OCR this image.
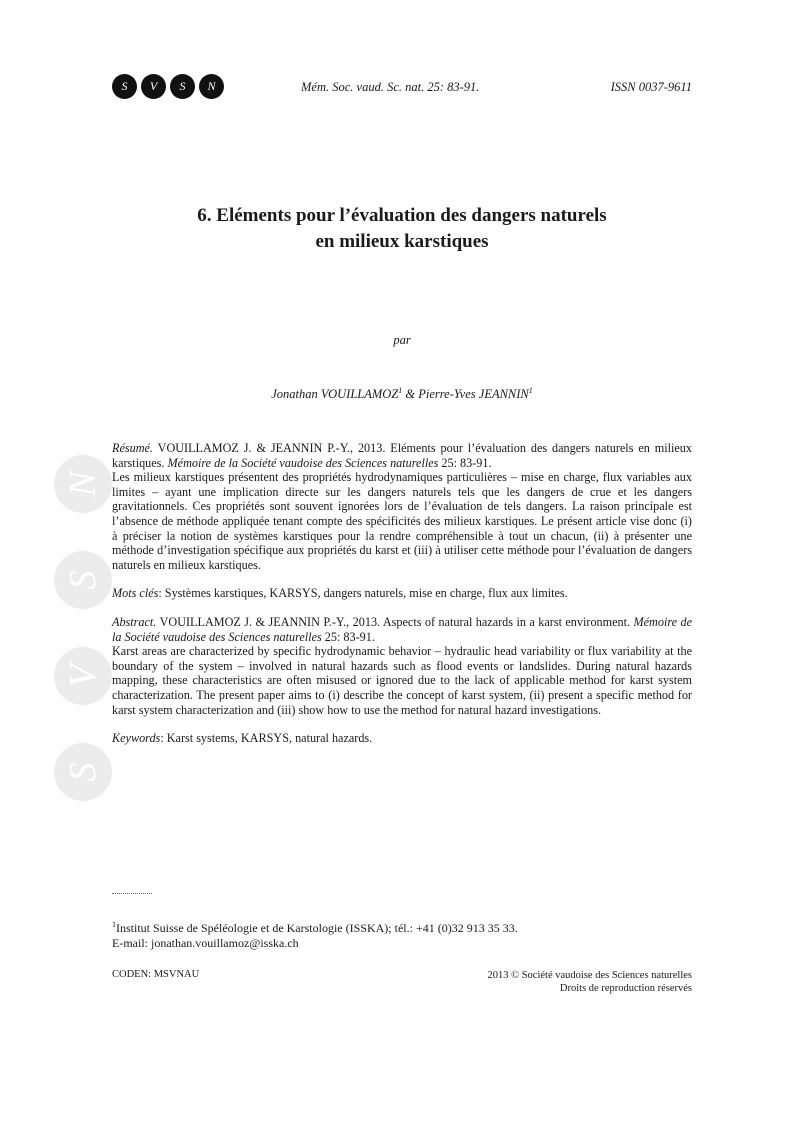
S	V	S	N	Mém. Soc. vaud. Sc. nat. 25: 83-91.	ISSN 0037-9611
6. Eléments pour l’évaluation des dangers naturels
en milieux karstiques
par
Jonathan VOUILLAMOZ$^1$ & Pierre-Yves JEANNIN$^1$
N
S
V
S

Résumé. VOUILLAMOZ J. & JEANNIN P.-Y., 2013. Eléments pour l’évaluation des dangers naturels en milieux karstiques. Mémoire de la Société vaudoise des Sciences naturelles 25: 83-91.

Les milieux karstiques présentent des propriétés hydrodynamiques particulières – mise en charge, flux variables aux limites – ayant une implication directe sur les dangers naturels tels que les dangers de crue et les dangers gravitationnels. Ces propriétés sont souvent ignorées lors de l’évaluation de tels dangers. La raison principale est l’absence de méthode appliquée tenant compte des spécificités des milieux karstiques. Le présent article vise donc (i) à préciser la notion de systèmes karstiques pour la rendre compréhensible à tout un chacun, (ii) à présenter une méthode d’investigation spécifique aux propriétés du karst et (iii) à utiliser cette méthode pour l’évaluation de dangers naturels en milieux karstiques.

Mots clés: Systèmes karstiques, KARSYS, dangers naturels, mise en charge, flux aux limites.

Abstract. VOUILLAMOZ J. & JEANNIN P.-Y., 2013. Aspects of natural hazards in a karst environment. Mémoire de la Société vaudoise des Sciences naturelles 25: 83-91.

Karst areas are characterized by specific hydrodynamic behavior – hydraulic head variability or flux variability at the boundary of the system – involved in natural hazards such as flood events or landslides. During natural hazards mapping, these characteristics are often misused or ignored due to the lack of applicable method for karst system characterization. The present paper aims to (i) describe the concept of karst system, (ii) present a specific method for karst system characterization and (iii) show how to use the method for natural hazard investigations.

Keywords: Karst systems, KARSYS, natural hazards.

$^1$Institut Suisse de Spéléologie et de Karstologie (ISSKA); tél.: +41 (0)32 913 35 33.
E-mail: jonathan.vouillamoz@isska.ch
CODEN: MSVNAU	2013 © Société vaudoise des Sciences naturelles
Droits de reproduction réservés
